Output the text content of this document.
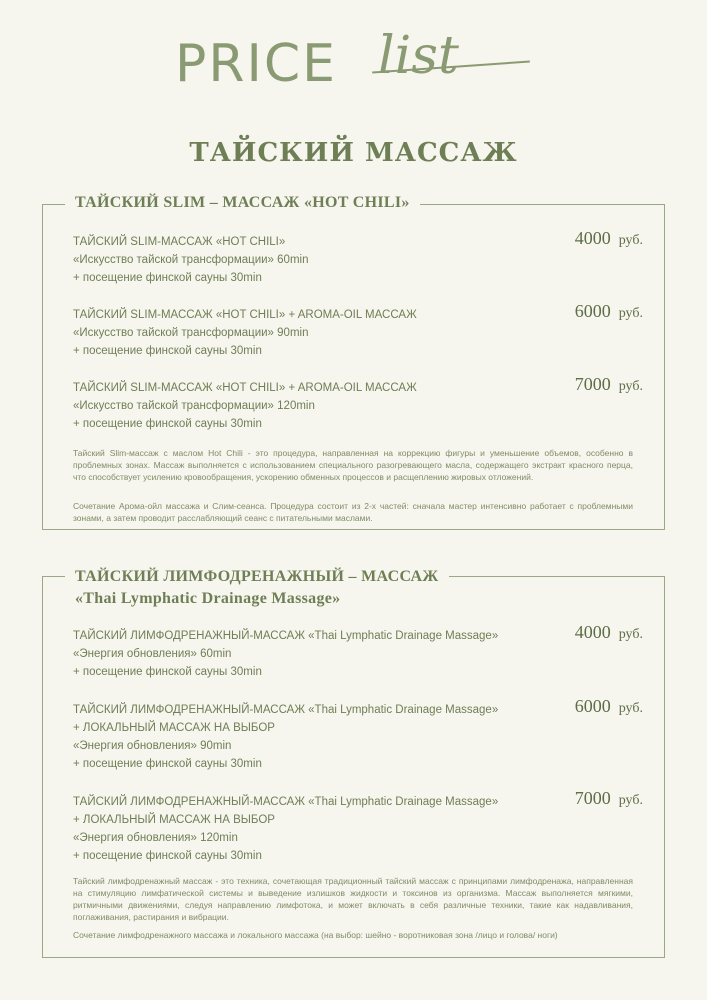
PRICE list
ТАЙСКИЙ МАССАЖ
ТАЙСКИЙ SLIM – МАССАЖ «HOT CHILI»
ТАЙСКИЙ SLIM-МАССАЖ «HOT CHILI»
«Искусство тайской трансформации» 60min
+ посещение финской сауны 30min
4000 руб.
ТАЙСКИЙ SLIM-МАССАЖ «HOT CHILI» + AROMA-OIL МАССАЖ
«Искусство тайской трансформации» 90min
+ посещение финской сауны 30min
6000 руб.
ТАЙСКИЙ SLIM-МАССАЖ «HOT CHILI» + AROMA-OIL МАССАЖ
«Искусство тайской трансформации» 120min
+ посещение финской сауны 30min
7000 руб.
Тайский Slim-массаж с маслом Hot Chili - это процедура, направленная на коррекцию фигуры и уменьшение объемов, особенно в проблемных зонах. Массаж выполняется с использованием специального разогревающего масла, содержащего экстракт красного перца, что способствует усилению кровообращения, ускорению обменных процессов и расщеплению жировых отложений.
Сочетание Арома-ойл массажа и Слим-сеанса. Процедура состоит из 2-х частей: сначала мастер интенсивно работает с проблемными зонами, а затем проводит расслабляющий сеанс с питательными маслами.
ТАЙСКИЙ ЛИМФОДРЕНАЖНЫЙ – МАССАЖ
«Thai Lymphatic Drainage Massage»
ТАЙСКИЙ ЛИМФОДРЕНАЖНЫЙ-МАССАЖ «Thai Lymphatic Drainage Massage»
«Энергия обновления» 60min
+ посещение финской сауны 30min
4000 руб.
ТАЙСКИЙ ЛИМФОДРЕНАЖНЫЙ-МАССАЖ «Thai Lymphatic Drainage Massage»
+ ЛОКАЛЬНЫЙ МАССАЖ НА ВЫБОР
«Энергия обновления» 90min
+ посещение финской сауны 30min
6000 руб.
ТАЙСКИЙ ЛИМФОДРЕНАЖНЫЙ-МАССАЖ «Thai Lymphatic Drainage Massage»
+ ЛОКАЛЬНЫЙ МАССАЖ НА ВЫБОР
«Энергия обновления» 120min
+ посещение финской сауны 30min
7000 руб.
Тайский лимфодренажный массаж - это техника, сочетающая традиционный тайский массаж с принципами лимфодренажа, направленная на стимуляцию лимфатической системы и выведение излишков жидкости и токсинов из организма. Массаж выполняется мягкими, ритмичными движениями, следуя направлению лимфотока, и может включать в себя различные техники, такие как надавливания, поглаживания, растирания и вибрации.
Сочетание лимфодренажного массажа и локального массажа (на выбор: шейно - воротниковая зона /лицо и голова/ ноги)
